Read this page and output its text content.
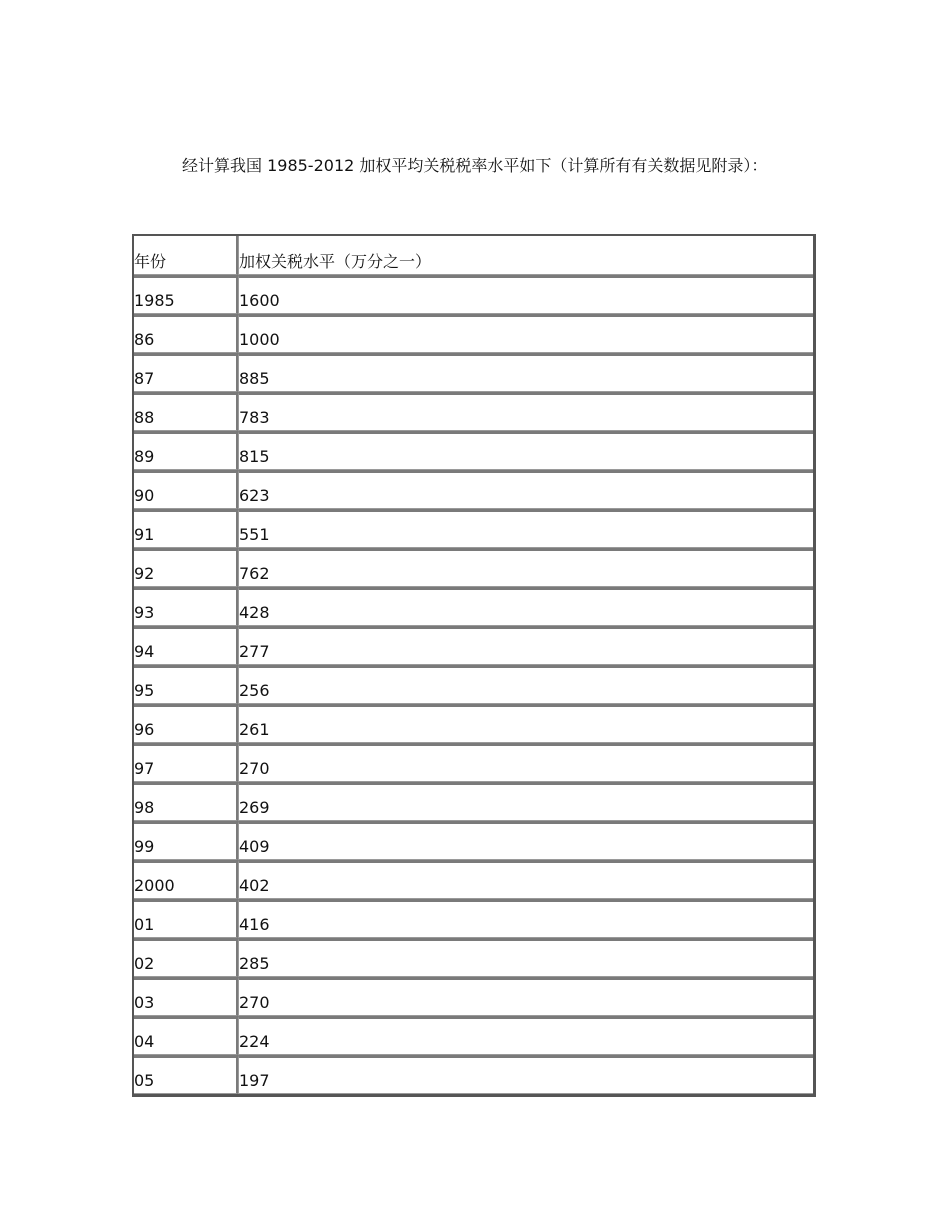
经计算我国 1985-2012 加权平均关税税率水平如下（计算所有有关数据见附录）：

年份	加权关税水平（万分之一）
1985	1600
86	1000
87	885
88	783
89	815
90	623
91	551
92	762
93	428
94	277
95	256
96	261
97	270
98	269
99	409
2000	402
01	416
02	285
03	270
04	224
05	197
